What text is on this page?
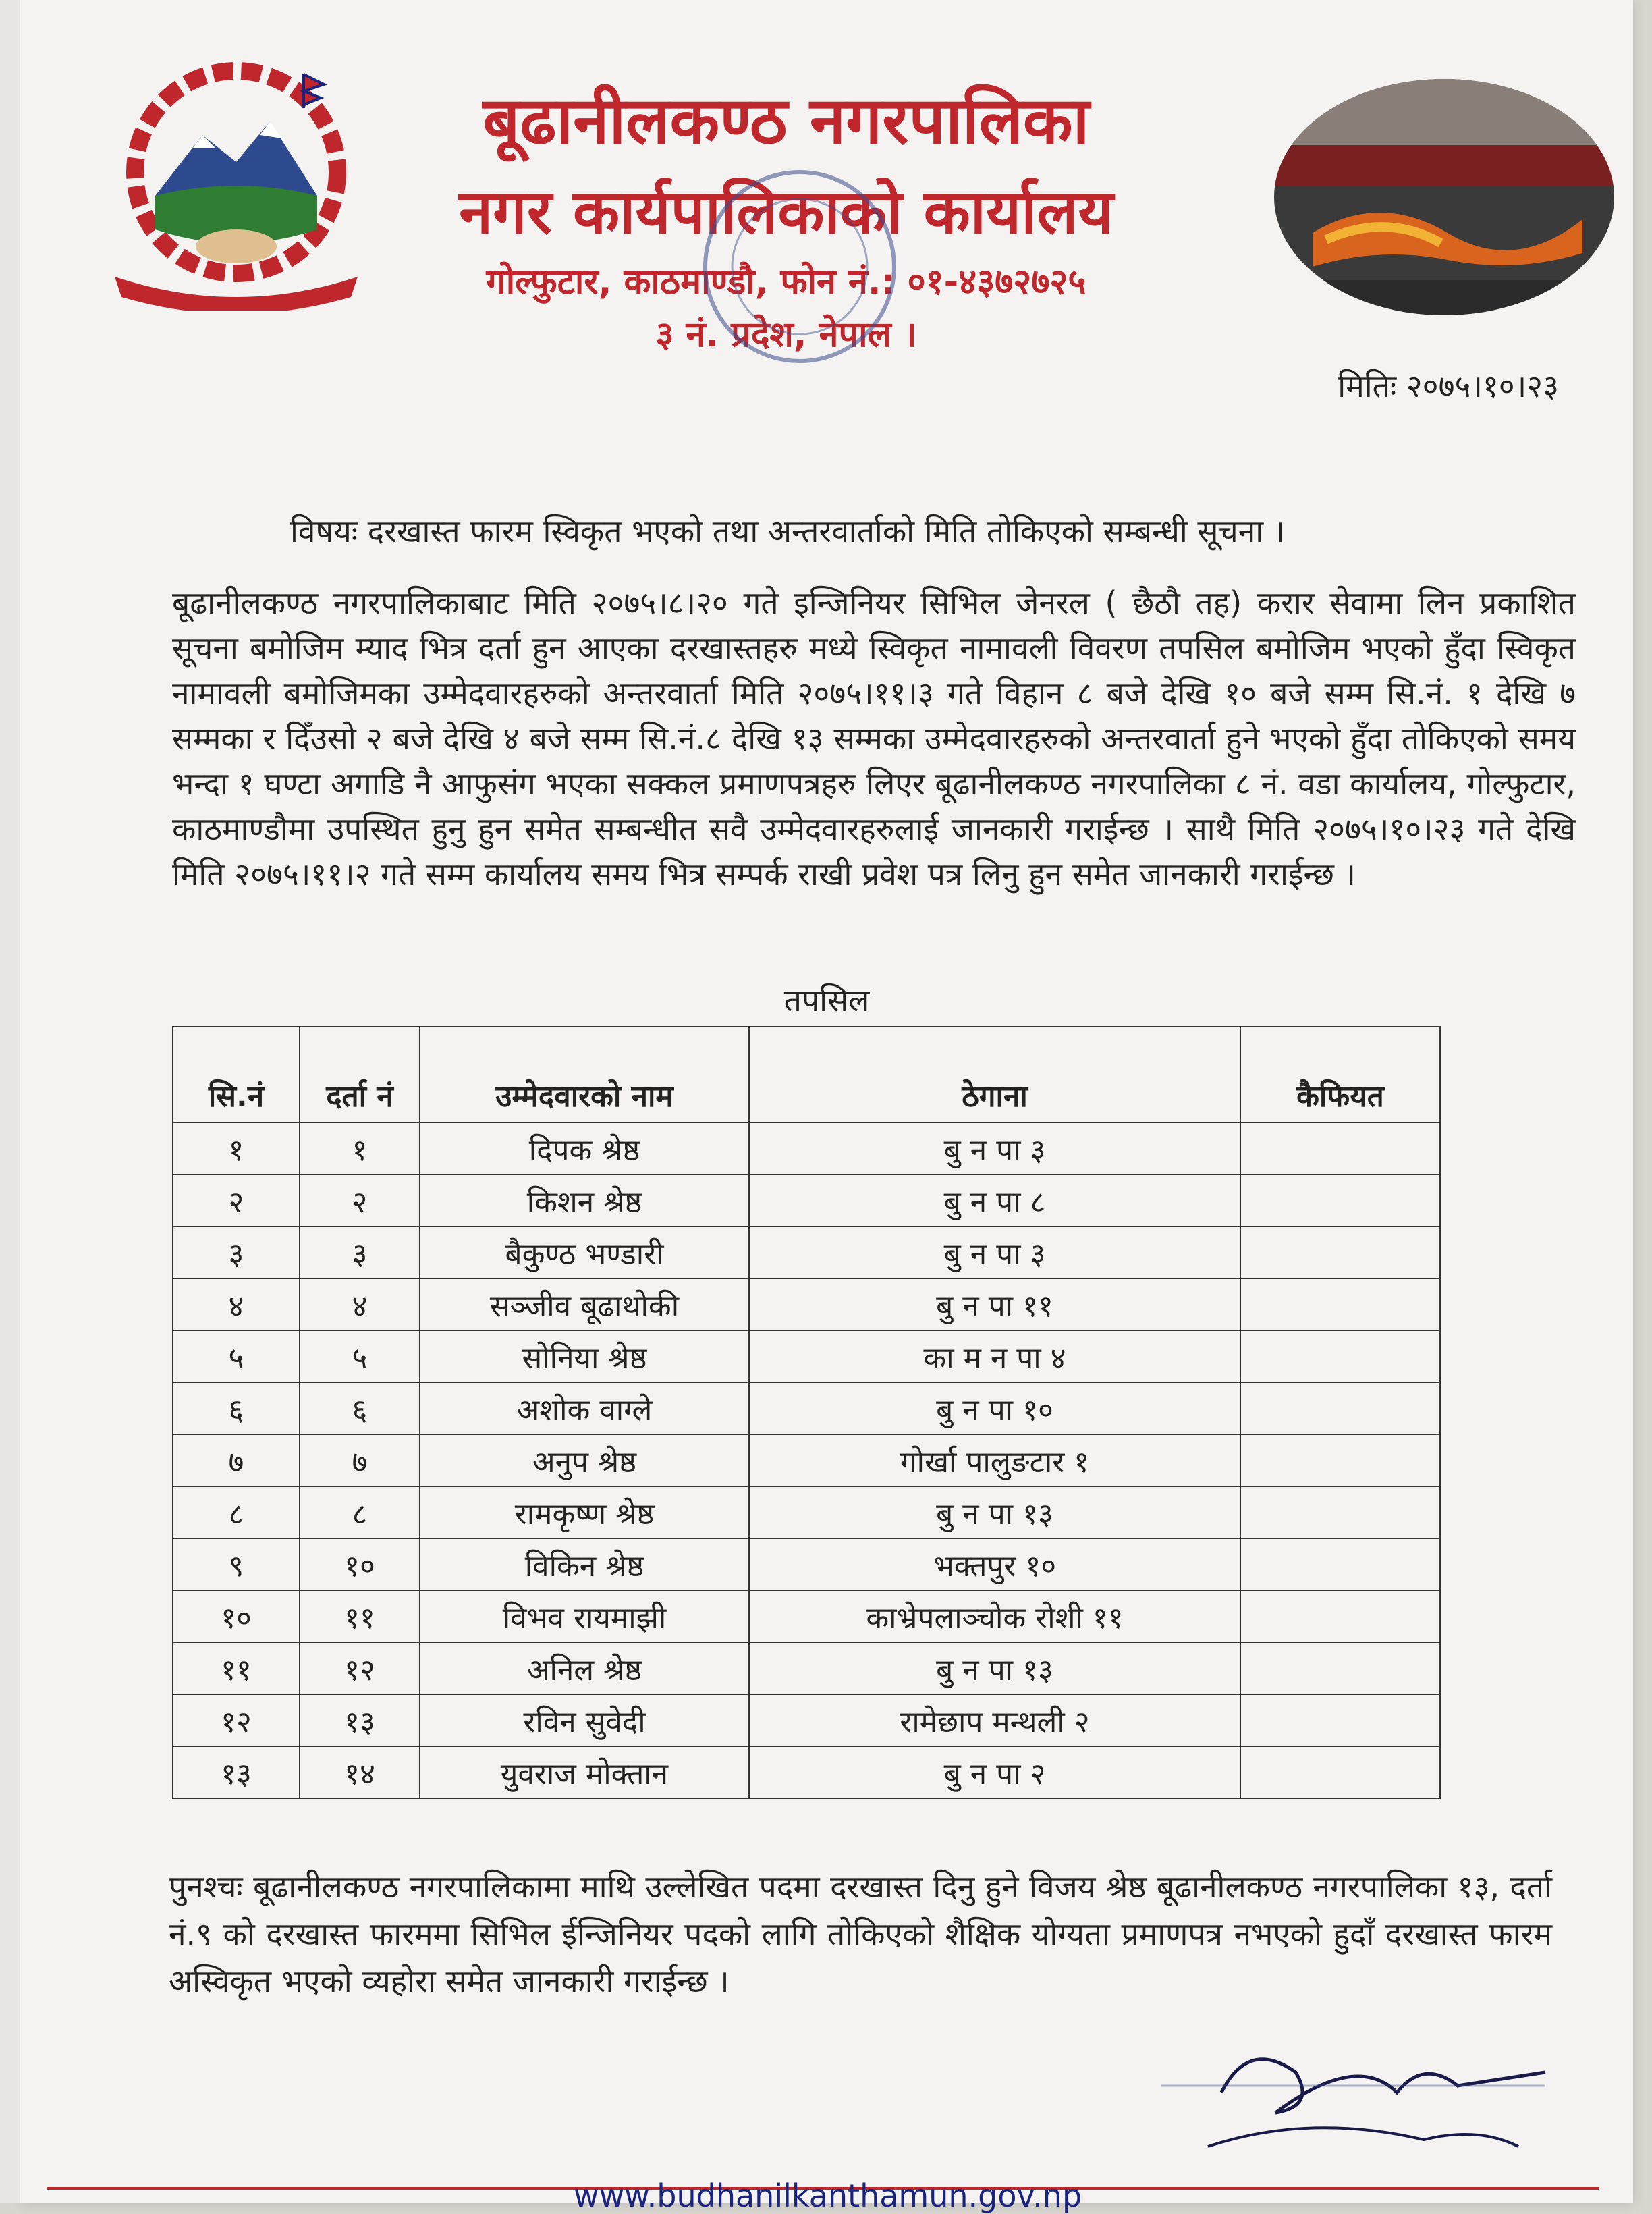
बूढानीलकण्ठ नगरपालिका
नगर कार्यपालिकाको कार्यालय
गोल्फुटार, काठमाण्डौ, फोन नं.: ०१-४३७२७२५
३ नं. प्रदेश, नेपाल ।
मितिः २०७५।१०।२३
विषयः दरखास्त फारम स्विकृत भएको तथा अन्तरवार्ताको मिति तोकिएको सम्बन्धी सूचना ।
बूढानीलकण्ठ नगरपालिकाबाट मिति २०७५।८।२० गते इन्जिनियर सिभिल जेनरल ( छैठौ तह) करार सेवामा लिन प्रकाशित सूचना बमोजिम म्याद भित्र दर्ता हुन आएका दरखास्तहरु मध्ये स्विकृत नामावली विवरण तपसिल बमोजिम भएको हुँदा स्विकृत नामावली बमोजिमका उम्मेदवारहरुको अन्तरवार्ता मिति २०७५।११।३ गते विहान ८ बजे देखि १० बजे सम्म सि.नं. १ देखि ७ सम्मका र दिँउसो २ बजे देखि ४ बजे सम्म सि.नं.८ देखि १३ सम्मका उम्मेदवारहरुको अन्तरवार्ता हुने भएको हुँदा तोकिएको समय भन्दा १ घण्टा अगाडि नै आफुसंग भएका सक्कल प्रमाणपत्रहरु लिएर बूढानीलकण्ठ नगरपालिका ८ नं. वडा कार्यालय, गोल्फुटार, काठमाण्डौमा उपस्थित हुनु हुन समेत सम्बन्धीत सवै उम्मेदवारहरुलाई जानकारी गराईन्छ । साथै मिति २०७५।१०।२३ गते देखि मिति २०७५।११।२ गते सम्म कार्यालय समय भित्र सम्पर्क राखी प्रवेश पत्र लिनु हुन समेत जानकारी गराईन्छ ।
तपसिल
सि.नं	दर्ता नं	उम्मेदवारको नाम	ठेगाना	कैफियत
१	१	दिपक श्रेष्ठ	बु न पा ३	
२	२	किशन श्रेष्ठ	बु न पा ८	
३	३	बैकुण्ठ भण्डारी	बु न पा ३	
४	४	सञ्जीव बूढाथोकी	बु न पा ११	
५	५	सोनिया श्रेष्ठ	का म न पा ४	
६	६	अशोक वाग्ले	बु न पा १०	
७	७	अनुप श्रेष्ठ	गोर्खा पालुङटार १	
८	८	रामकृष्ण श्रेष्ठ	बु न पा १३	
९	१०	विकिन श्रेष्ठ	भक्तपुर १०	
१०	११	विभव रायमाझी	काभ्रेपलाञ्चोक रोशी ११	
११	१२	अनिल श्रेष्ठ	बु न पा १३	
१२	१३	रविन सुवेदी	रामेछाप मन्थली २	
१३	१४	युवराज मोक्तान	बु न पा २	
पुनश्चः बूढानीलकण्ठ नगरपालिकामा माथि उल्लेखित पदमा दरखास्त दिनु हुने विजय श्रेष्ठ बूढानीलकण्ठ नगरपालिका १३, दर्ता नं.९ को दरखास्त फारममा सिभिल ईन्जिनियर पदको लागि तोकिएको शैक्षिक योग्यता प्रमाणपत्र नभएको हुदाँ दरखास्त फारम अस्विकृत भएको व्यहोरा समेत जानकारी गराईन्छ ।
www.budhanilkanthamun.gov.np
